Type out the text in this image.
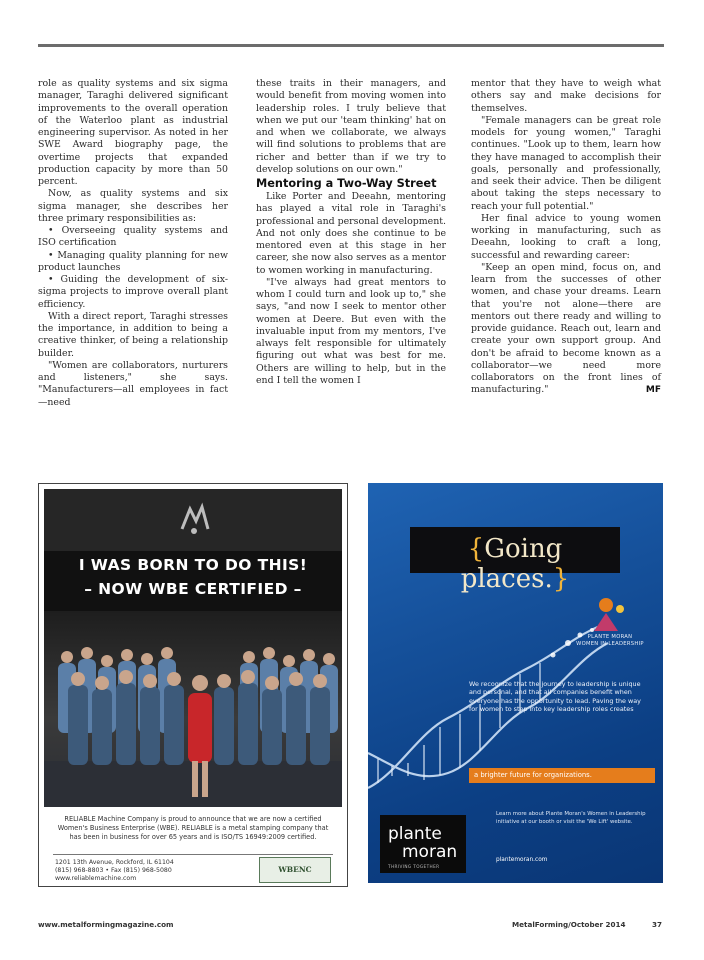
role as quality systems and six sigma manager, Taraghi delivered significant improvements to the overall operation of the Waterloo plant as industrial engineering supervisor. As noted in her SWE Award biography page, the overtime projects that expanded production capacity by more than 50 percent.

Now, as quality systems and six sigma manager, she describes her three primary responsibilities as:

• Overseeing quality systems and ISO certification

• Managing quality planning for new product launches

• Guiding the development of six-sigma projects to improve overall plant efficiency.

With a direct report, Taraghi stresses the importance, in addition to being a creative thinker, of being a relationship builder.

"Women are collaborators, nurturers and listeners," she says. "Manufacturers—all employees in fact—need

these traits in their managers, and would benefit from moving women into leadership roles. I truly believe that when we put our 'team thinking' hat on and when we collaborate, we always will find solutions to problems that are richer and better than if we try to develop solutions on our own."

Mentoring a Two-Way Street

Like Porter and Deeahn, mentoring has played a vital role in Taraghi's professional and personal development. And not only does she continue to be mentored even at this stage in her career, she now also serves as a mentor to women working in manufacturing.

"I've always had great mentors to whom I could turn and look up to," she says, "and now I seek to mentor other women at Deere. But even with the invaluable input from my mentors, I've always felt responsible for ultimately figuring out what was best for me. Others are willing to help, but in the end I tell the women I

mentor that they have to weigh what others say and make decisions for themselves.

"Female managers can be great role models for young women," Taraghi continues. "Look up to them, learn how they have managed to accomplish their goals, personally and professionally, and seek their advice. Then be diligent about taking the steps necessary to reach your full potential."

Her final advice to young women working in manufacturing, such as Deeahn, looking to craft a long, successful and rewarding career:

"Keep an open mind, focus on, and learn from the successes of other women, and chase your dreams. Learn that you're not alone—there are mentors out there ready and willing to provide guidance. Reach out, learn and create your own support group. And don't be afraid to become known as a collaborator—we need more collaborators on the front lines of manufacturing."	MF

I WAS BORN TO DO THIS!
– NOW WBE CERTIFIED –
RELIABLE Machine Company is proud to announce that we are now a certified Women's Business Enterprise (WBE). RELIABLE is a metal stamping company that has been in business for over 65 years and is ISO/TS 16949:2009 certified.
1201 13th Avenue, Rockford, IL 61104
(815) 968-8803 • Fax (815) 968-5080
www.reliablemachine.com
WBENC
{Going places.}
PLANTE MORAN
WOMEN IN LEADERSHIP
We recognize that the journey to leadership is unique and personal, and that all companies benefit when everyone has the opportunity to lead. Paving the way for women to step into key leadership roles creates
a brighter future for organizations.
plante
moran
THRIVING TOGETHER
Learn more about Plante Moran's Women in Leadership initiative at our booth or visit the 'We Lift' website.
plantemoran.com
www.metalformingmagazine.com	MetalForming/October 2014	37
